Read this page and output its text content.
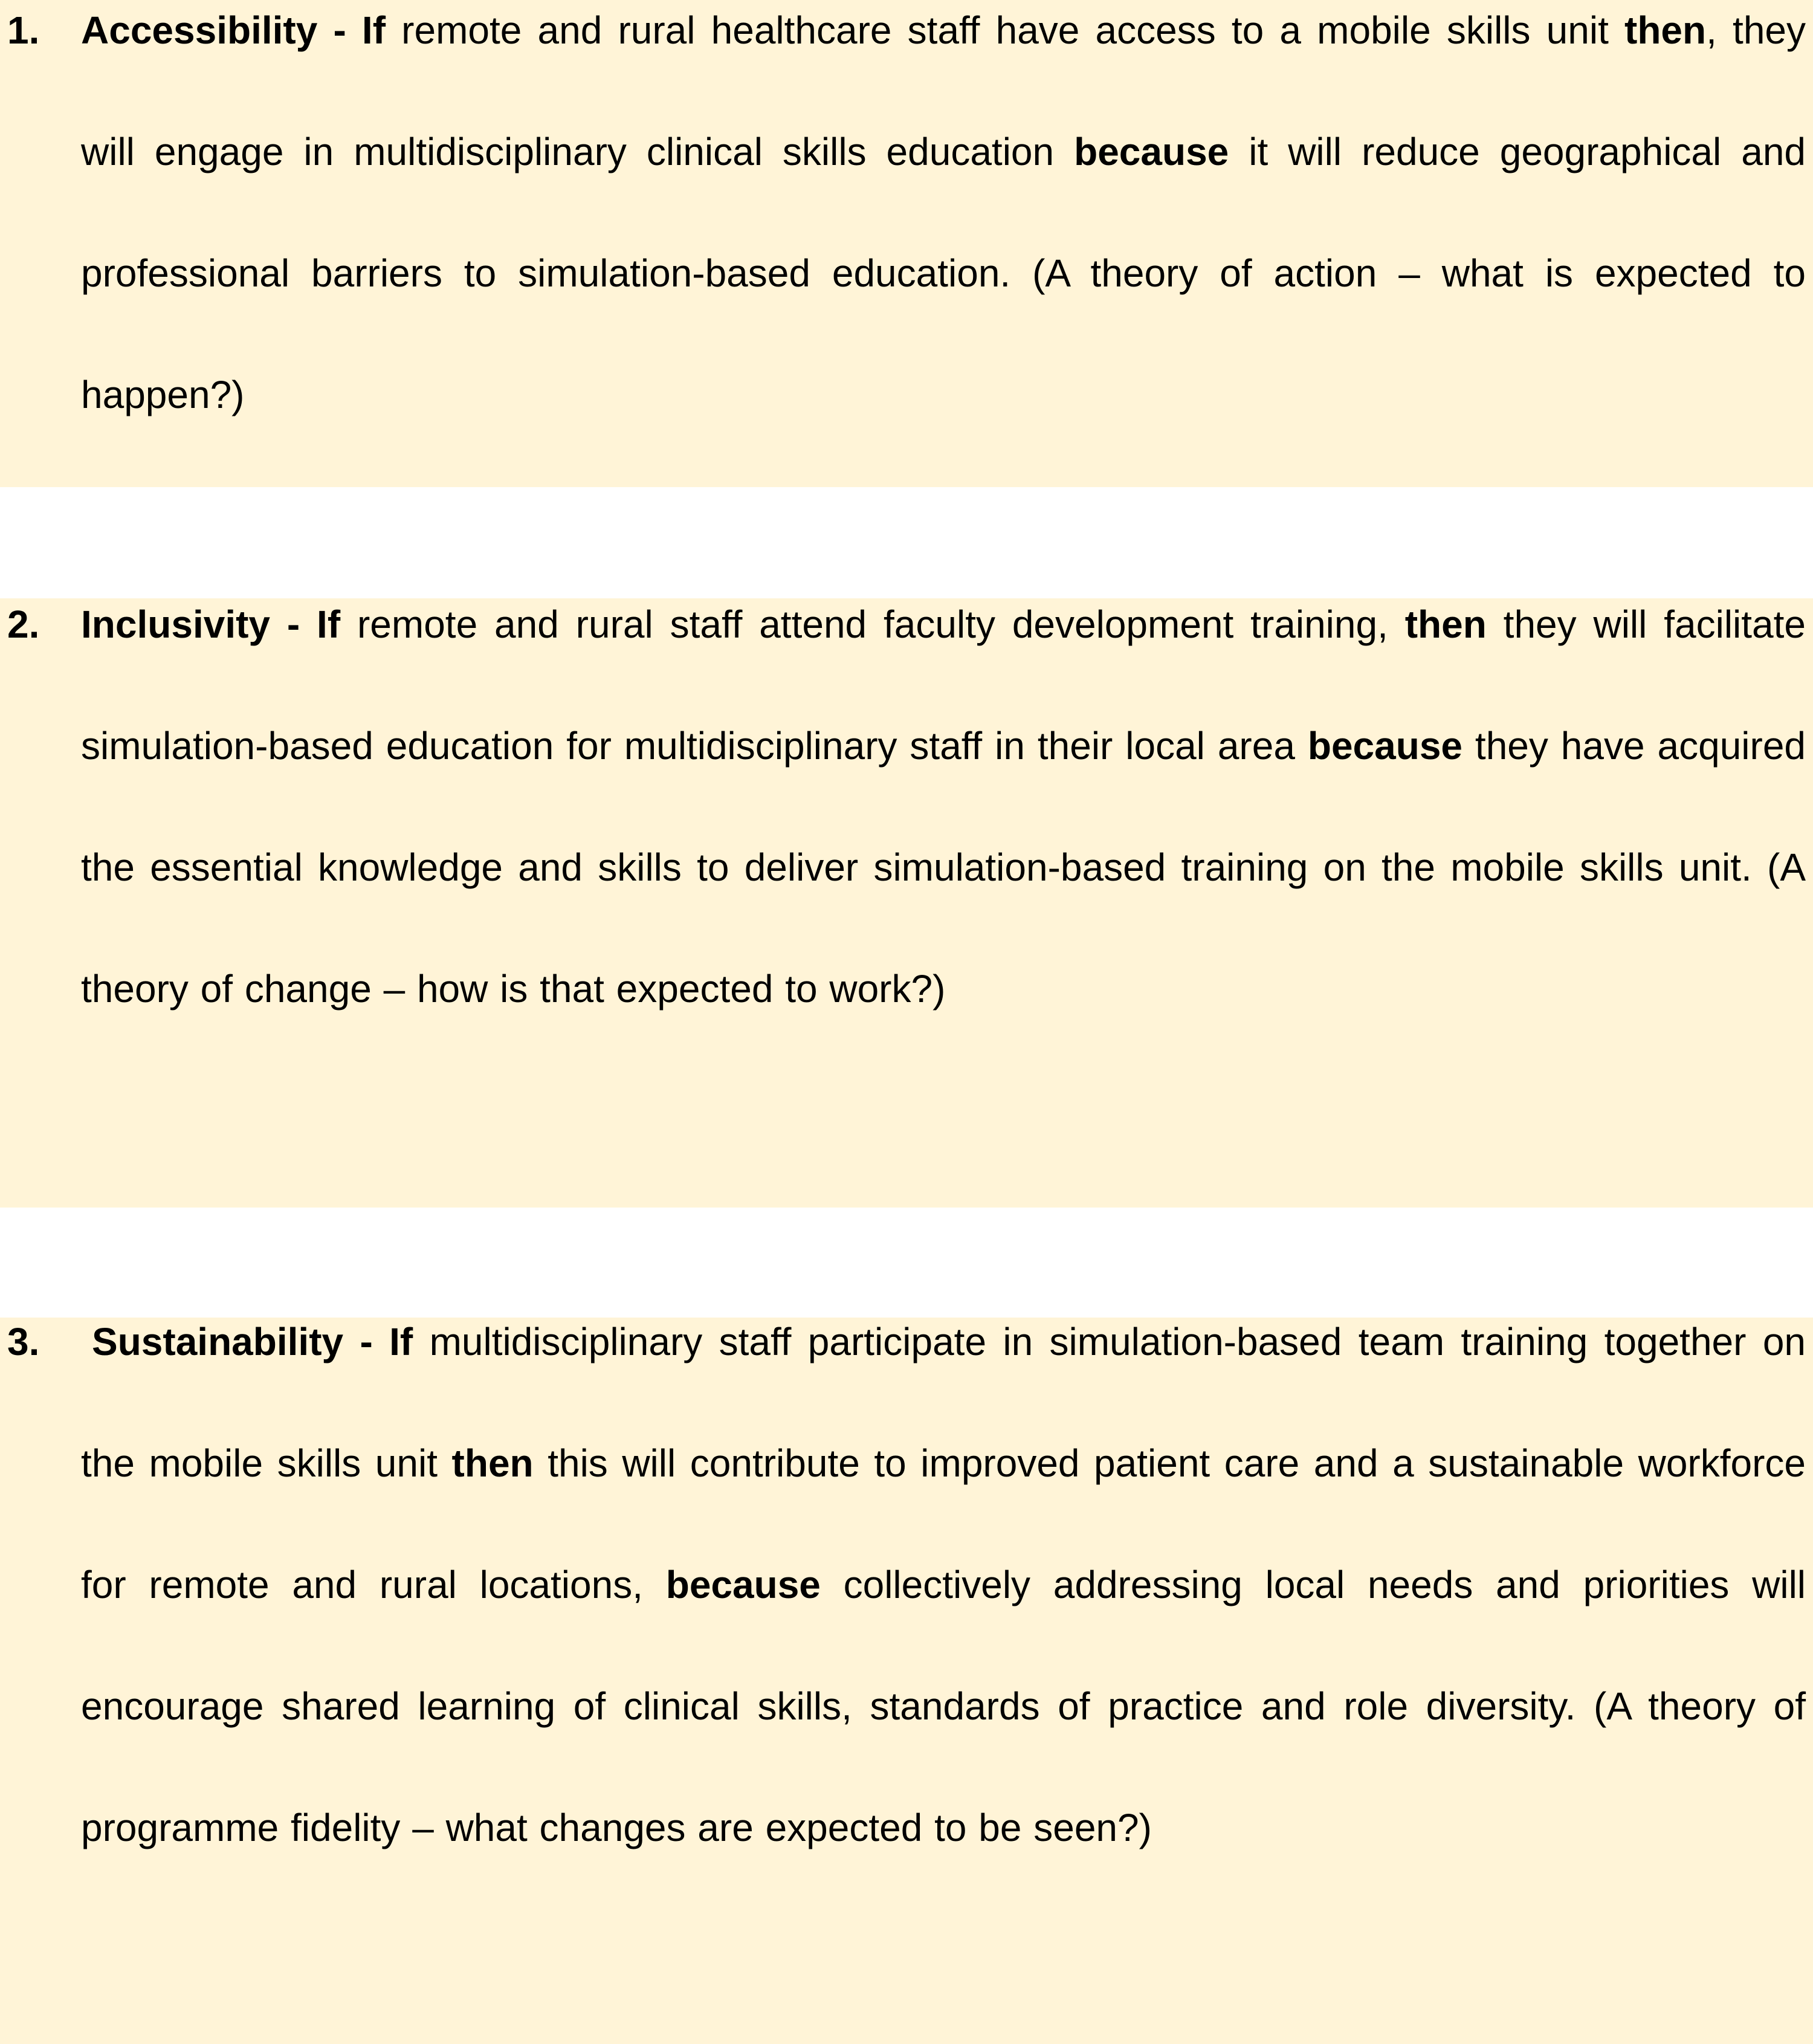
1. Accessibility - If remote and rural healthcare staff have access to a mobile skills unit then, they will engage in multidisciplinary clinical skills education because it will reduce geographical and professional barriers to simulation-based education. (A theory of action – what is expected to happen?)
2. Inclusivity - If remote and rural staff attend faculty development training, then they will facilitate simulation-based education for multidisciplinary staff in their local area because they have acquired the essential knowledge and skills to deliver simulation-based training on the mobile skills unit. (A theory of change – how is that expected to work?)
3. Sustainability - If multidisciplinary staff participate in simulation-based team training together on the mobile skills unit then this will contribute to improved patient care and a sustainable workforce for remote and rural locations, because collectively addressing local needs and priorities will encourage shared learning of clinical skills, standards of practice and role diversity. (A theory of programme fidelity – what changes are expected to be seen?)
